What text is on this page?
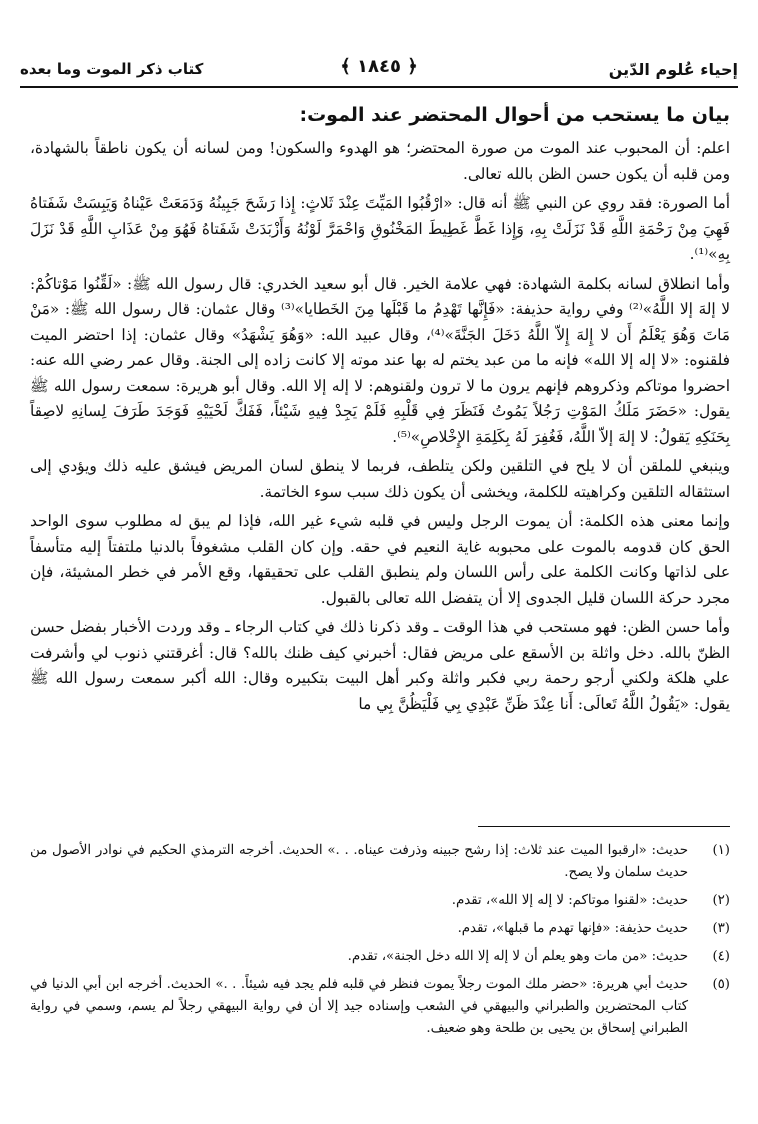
إحياء عُلوم الدّين
﴾ ١٨٤٥ ﴿
كتاب ذكر الموت وما بعده
بيان ما يستحب من أحوال المحتضر عند الموت:

اعلم: أن المحبوب عند الموت من صورة المحتضر؛ هو الهدوء والسكون! ومن لسانه أن يكون ناطقاً بالشهادة، ومن قلبه أن يكون حسن الظن بالله تعالى.

أما الصورة: فقد روي عن النبي ﷺ أنه قال: «ارْقُبُوا المَيِّتَ عِنْدَ ثَلاثٍ: إِذا رَشَحَ جَبِينُهُ وَدَمَعَتْ عَيْناهُ وَيَبِسَتْ شَفَتاهُ فَهِيَ مِنْ رَحْمَةِ اللَّهِ قَدْ نَزَلَتْ بِهِ، وَإِذا غَطَّ غَطِيطَ المَخْنُوقِ وَاحْمَرَّ لَوْنُهُ وَأَزْبَدَتْ شَفَتاهُ فَهُوَ مِنْ عَذَابِ اللَّهِ قَدْ نَزَلَ بِهِ»⁽¹⁾.

وأما انطلاق لسانه بكلمة الشهادة: فهي علامة الخير. قال أبو سعيد الخدري: قال رسول الله ﷺ: «لَقِّنُوا مَوْتاكُمْ: لا إلهَ إلا اللَّهُ»⁽²⁾ وفي رواية حذيفة: «فَإِنَّها تَهْدِمُ ما قَبْلَها مِنَ الخَطايا»⁽³⁾ وقال عثمان: قال رسول الله ﷺ: «مَنْ مَاتَ وَهُوَ يَعْلَمُ أَن لا إِلهَ إِلاّ اللَّهُ دَخَلَ الجَنَّةَ»⁽⁴⁾، وقال عبيد الله: «وَهُوَ يَشْهَدُ» وقال عثمان: إذا احتضر الميت فلقنوه: «لا إله إلا الله» فإنه ما من عبد يختم له بها عند موته إلا كانت زاده إلى الجنة. وقال عمر رضي الله عنه: احضروا موتاكم وذكروهم فإنهم يرون ما لا ترون ولقنوهم: لا إله إلا الله. وقال أبو هريرة: سمعت رسول الله ﷺ يقول: «حَضَرَ مَلَكُ المَوْتِ رَجُلاً يَمُوتُ فَنَظَرَ فِي قَلْبِهِ فَلَمْ يَجِدْ فِيهِ شَيْئاً، فَفَكَّ لَحْيَيْهِ فَوَجَدَ طَرَفَ لِسانِهِ لاصِقاً بِحَنَكِهِ يَقولُ: لا إلهَ إلاّ اللَّهُ، فَغُفِرَ لَهُ بِكَلِمَةِ الإِخْلاصِ»⁽⁵⁾.

وينبغي للملقن أن لا يلح في التلقين ولكن يتلطف، فربما لا ينطق لسان المريض فيشق عليه ذلك ويؤدي إلى استثقاله التلقين وكراهيته للكلمة، ويخشى أن يكون ذلك سبب سوء الخاتمة.

وإنما معنى هذه الكلمة: أن يموت الرجل وليس في قلبه شيء غير الله، فإذا لم يبق له مطلوب سوى الواحد الحق كان قدومه بالموت على محبوبه غاية النعيم في حقه. وإن كان القلب مشغوفاً بالدنيا ملتفتاً إليه متأسفاً على لذاتها وكانت الكلمة على رأس اللسان ولم ينطبق القلب على تحقيقها، وقع الأمر في خطر المشيئة، فإن مجرد حركة اللسان قليل الجدوى إلا أن يتفضل الله تعالى بالقبول.

وأما حسن الظن: فهو مستحب في هذا الوقت ـ وقد ذكرنا ذلك في كتاب الرجاء ـ وقد وردت الأخبار بفضل حسن الظنّ بالله. دخل واثلة بن الأسقع على مريض فقال: أخبرني كيف ظنك بالله؟ قال: أغرقتني ذنوب لي وأشرفت علي هلكة ولكني أرجو رحمة ربي فكبر واثلة وكبر أهل البيت بتكبيره وقال: الله أكبر سمعت رسول الله ﷺ يقول: «يَقُولُ اللَّهُ تَعالَى: أَنا عِنْدَ ظَنِّ عَبْدِي بِي فَلْيَظُنَّ بِي ما

(١)
حديث: «ارقبوا الميت عند ثلاث: إذا رشح جبينه وذرفت عيناه. . .» الحديث. أخرجه الترمذي الحكيم في نوادر الأصول من حديث سلمان ولا يصح.
(٢)
حديث: «لقنوا موتاكم: لا إله إلا الله»، تقدم.
(٣)
حديث حذيفة: «فإنها تهدم ما قبلها»، تقدم.
(٤)
حديث: «من مات وهو يعلم أن لا إله إلا الله دخل الجنة»، تقدم.
(٥)
حديث أبي هريرة: «حضر ملك الموت رجلاً يموت فنظر في قلبه فلم يجد فيه شيئاً. . .» الحديث. أخرجه ابن أبي الدنيا في كتاب المحتضرين والطبراني والبيهقي في الشعب وإسناده جيد إلا أن في رواية البيهقي رجلاً لم يسم، وسمي في رواية الطبراني إسحاق بن يحيى بن طلحة وهو ضعيف.
